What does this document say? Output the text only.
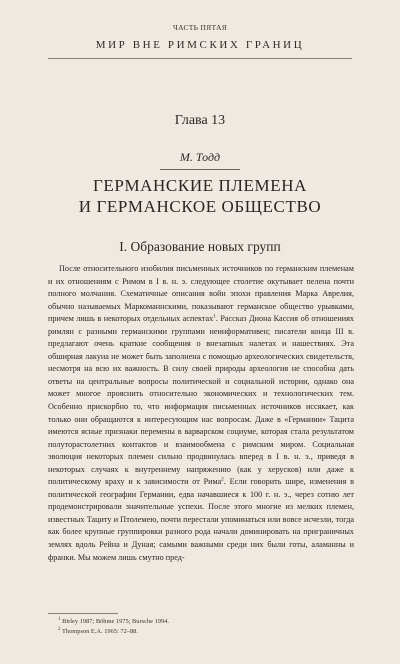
ЧАСТЬ ПЯТАЯ
МИР ВНЕ РИМСКИХ ГРАНИЦ
Глава 13
М. Тодд
ГЕРМАНСКИЕ ПЛЕМЕНА
И ГЕРМАНСКОЕ ОБЩЕСТВО
I. Образование новых групп

После относительного изобилия письменных источников по германским племенам и их отношениям с Римом в I в. н. э. следующее столетие окутывает пелена почти полного молчания. Схематичные описания войн эпохи правления Марка Аврелия, обычно называемых Маркоманнскими, показывают германское общество урывками, причем лишь в некоторых отдельных аспектах$^1$. Рассказ Диона Кассия об отношениях римлян с разными германскими группами неинформативен; писатели конца III в. предлагают очень краткие сообщения о внезапных налетах и нашествиях. Эта обширная лакуна не может быть заполнена с помощью археологических свидетельств, несмотря на всю их важность. В силу своей природы археология не способна дать ответы на центральные вопросы политической и социальной истории, однако она может многое прояснить относительно экономических и технологических тем. Особенно прискорбно то, что информация письменных источников иссякает, как только они обращаются к интересующим нас вопросам. Даже в «Германии» Тацита имеются ясные признаки перемены в варварском социуме, которая стала результатом полуторастолетних контактов и взаимообмена с римским миром. Социальная эволюция некоторых племен сильно продвинулась вперед в I в. н. э., приведя в некоторых случаях к внутреннему напряжению (как у херусков) или даже к политическому краху и к зависимости от Рима$^2$. Если говорить шире, изменения в политической географии Германии, едва начавшиеся к 100 г. н. э., через сотню лет продемонстрировали значительные успехи. После этого многие из мелких племен, известных Тациту и Птолемею, почти перестали упоминаться или вовсе исчезли, тогда как более крупные группировки разного рода начали доминировать на приграничных землях вдоль Рейна и Дуная; самыми важными среди них были готы, аламанны и франки. Мы можем лишь смутно пред-

$^1$ Birley 1987; Böhme 1975; Bursche 1994.

$^2$ Thompson E.A. 1965: 72–88.
